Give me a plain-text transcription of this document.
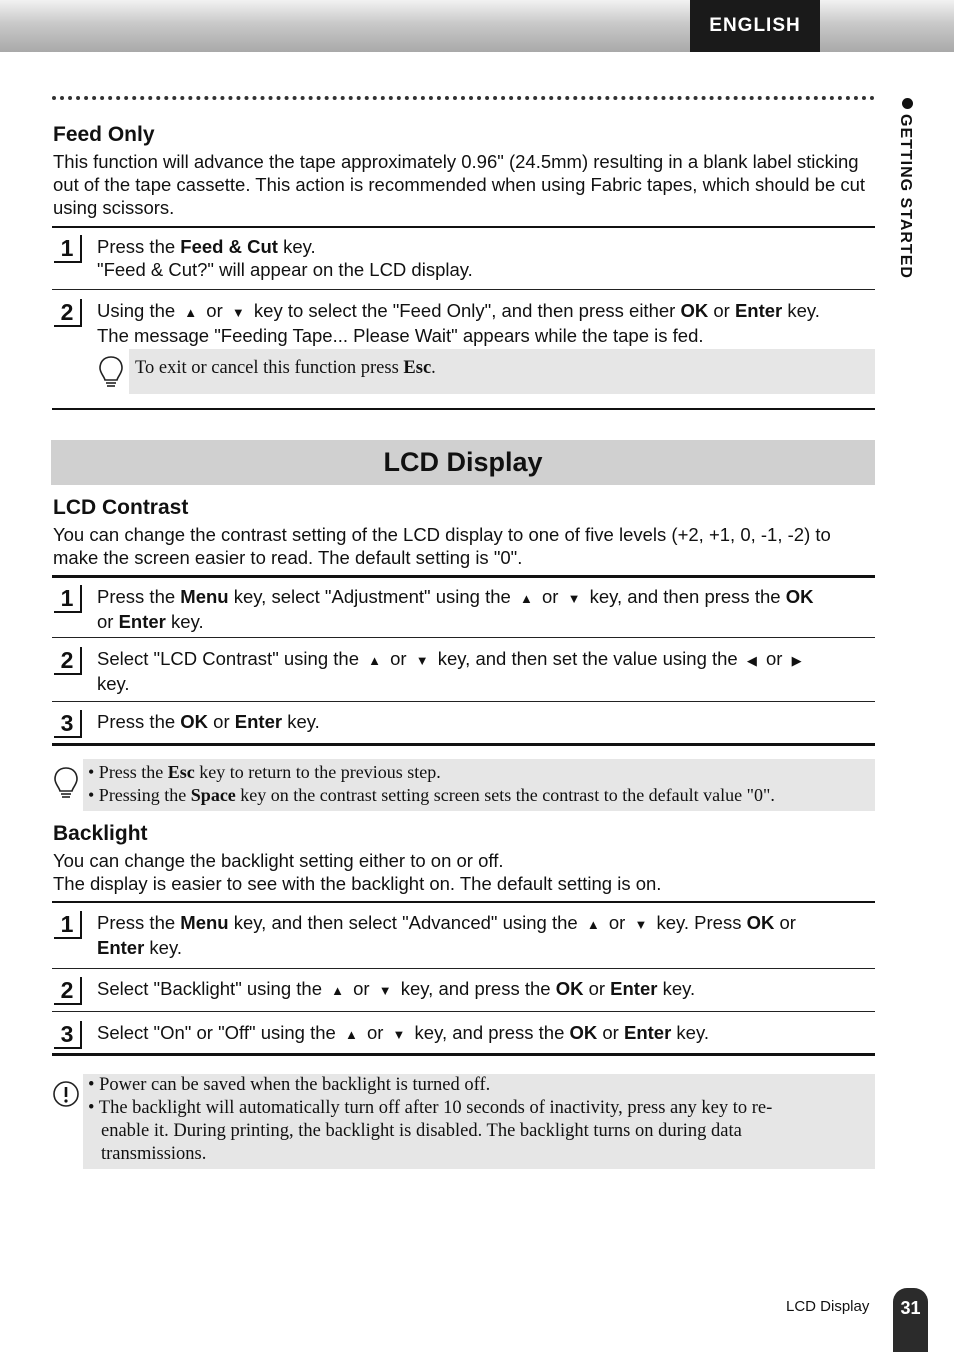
ENGLISH
GETTING STARTED
Feed Only
This function will advance the tape approximately 0.96" (24.5mm) resulting in a blank label sticking out of the tape cassette. This action is recommended when using Fabric tapes, which should be cut using scissors.
1	Press the Feed & Cut key.
"Feed & Cut?" will appear on the LCD display.
2	Using the ▲ or ▼ key to select the "Feed Only", and then press either OK or Enter key.
The message "Feeding Tape... Please Wait" appears while the tape is fed.
To exit or cancel this function press Esc.
LCD Display
LCD Contrast
You can change the contrast setting of the LCD display to one of five levels (+2, +1, 0, -1, -2) to make the screen easier to read. The default setting is "0".
1	Press the Menu key, select "Adjustment" using the ▲ or ▼ key, and then press the OK
or Enter key.
2	Select "LCD Contrast" using the ▲ or ▼ key, and then set the value using the ◀ or ▶
key.
3	Press the OK or Enter key.
• Press the Esc key to return to the previous step.
• Pressing the Space key on the contrast setting screen sets the contrast to the default value "0".
Backlight
You can change the backlight setting either to on or off.
The display is easier to see with the backlight on. The default setting is on.
1	Press the Menu key, and then select "Advanced" using the ▲ or ▼ key. Press OK or
Enter key.
2	Select "Backlight" using the ▲ or ▼ key, and press the OK or Enter key.
3	Select "On" or "Off" using the ▲ or ▼ key, and press the OK or Enter key.
• Power can be saved when the backlight is turned off.
• The backlight will automatically turn off after 10 seconds of inactivity, press any key to re-
enable it. During printing, the backlight is disabled. The backlight turns on during data
transmissions.
LCD Display	31
